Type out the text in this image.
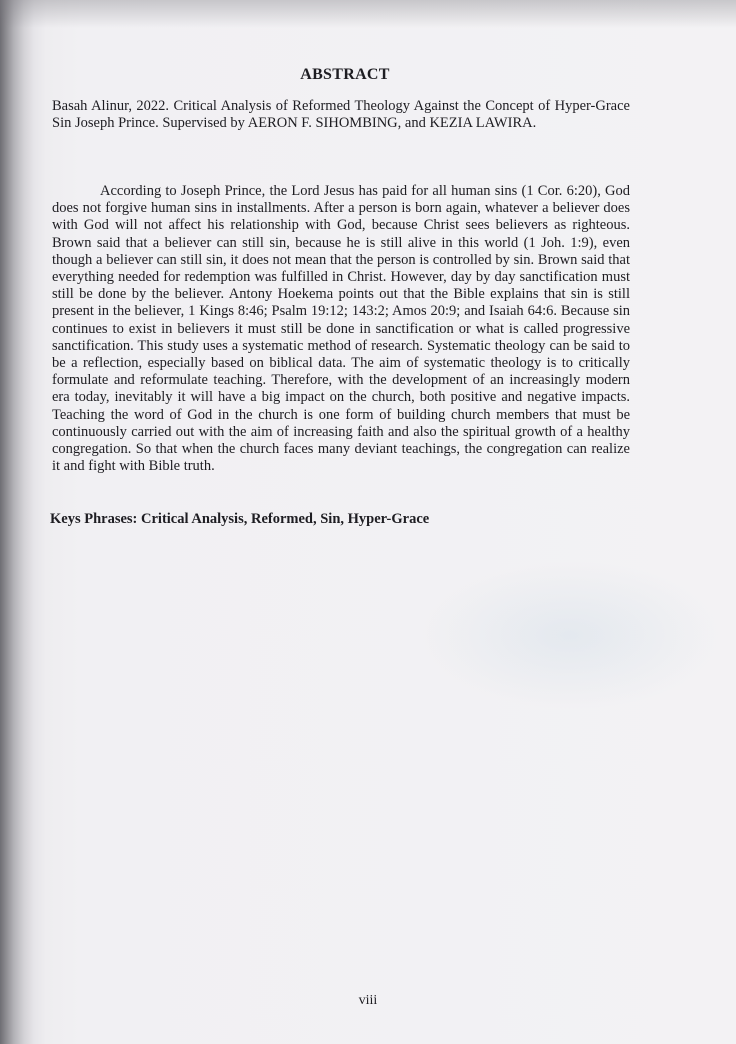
ABSTRACT

Basah Alinur, 2022. Critical Analysis of Reformed Theology Against the Concept of Hyper-Grace Sin Joseph Prince. Supervised by AERON F. SIHOMBING, and KEZIA LAWIRA.

According to Joseph Prince, the Lord Jesus has paid for all human sins (1 Cor. 6:20), God does not forgive human sins in installments. After a person is born again, whatever a believer does with God will not affect his relationship with God, because Christ sees believers as righteous. Brown said that a believer can still sin, because he is still alive in this world (1 Joh. 1:9), even though a believer can still sin, it does not mean that the person is controlled by sin. Brown said that everything needed for redemption was fulfilled in Christ. However, day by day sanctification must still be done by the believer. Antony Hoekema points out that the Bible explains that sin is still present in the believer, 1 Kings 8:46; Psalm 19:12; 143:2; Amos 20:9; and Isaiah 64:6. Because sin continues to exist in believers it must still be done in sanctification or what is called progressive sanctification. This study uses a systematic method of research. Systematic theology can be said to be a reflection, especially based on biblical data. The aim of systematic theology is to critically formulate and reformulate teaching. Therefore, with the development of an increasingly modern era today, inevitably it will have a big impact on the church, both positive and negative impacts. Teaching the word of God in the church is one form of building church members that must be continuously carried out with the aim of increasing faith and also the spiritual growth of a healthy congregation. So that when the church faces many deviant teachings, the congregation can realize it and fight with Bible truth.

Keys Phrases: Critical Analysis, Reformed, Sin, Hyper-Grace

viii
